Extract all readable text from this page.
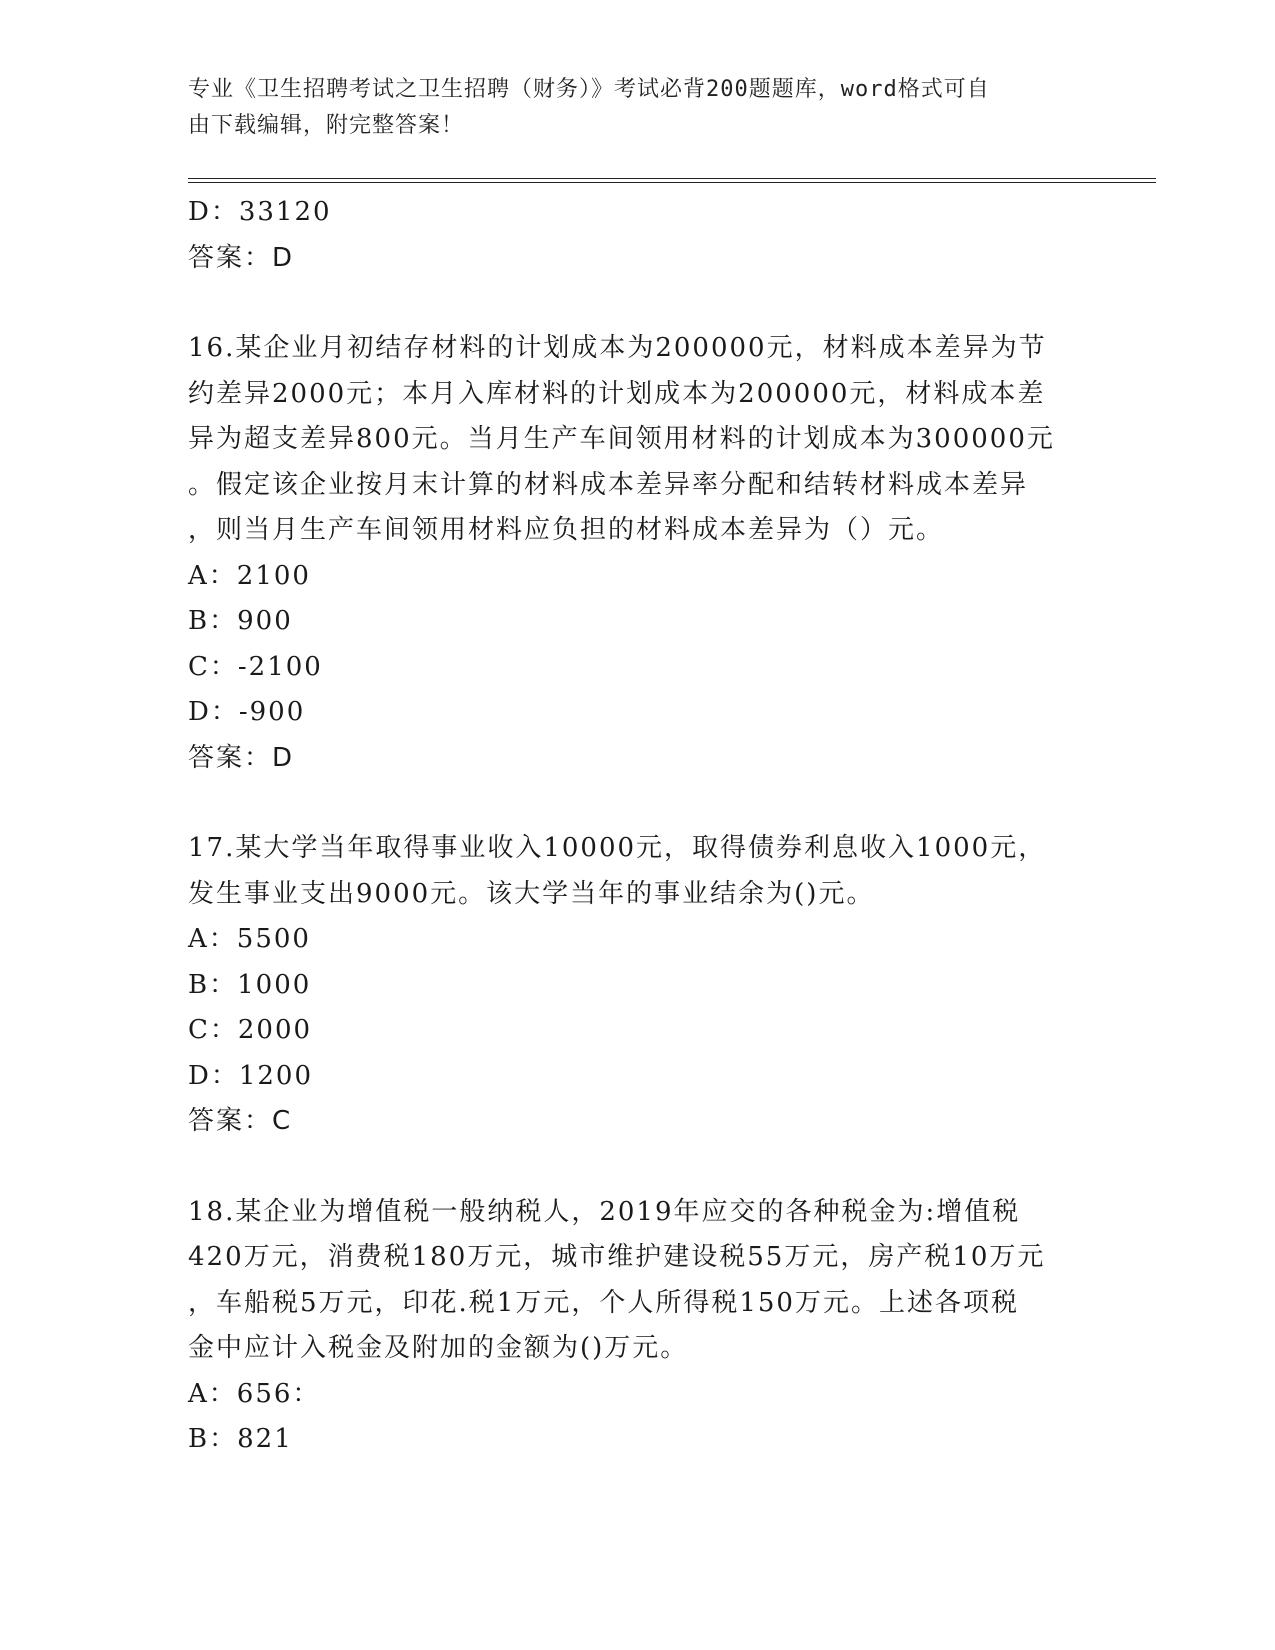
专业《卫生招聘考试之卫生招聘（财务）》考试必背200题题库，word格式可自
由下载编辑，附完整答案！
D：33120
答案：D
16.某企业月初结存材料的计划成本为200000元，材料成本差异为节
约差异2000元；本月入库材料的计划成本为200000元，材料成本差
异为超支差异800元。当月生产车间领用材料的计划成本为300000元
。假定该企业按月末计算的材料成本差异率分配和结转材料成本差异
，则当月生产车间领用材料应负担的材料成本差异为（）元。
A：2100
B：900
C：-2100
D：-900
答案：D
17.某大学当年取得事业收入10000元，取得债券利息收入1000元，
发生事业支出9000元。该大学当年的事业结余为()元。
A：5500
B：1000
C：2000
D：1200
答案：C
18.某企业为增值税一般纳税人，2019年应交的各种税金为:增值税
420万元，消费税180万元，城市维护建设税55万元，房产税10万元
，车船税5万元，印花.税1万元，个人所得税150万元。上述各项税
金中应计入税金及附加的金额为()万元。
A：656：
B：821
